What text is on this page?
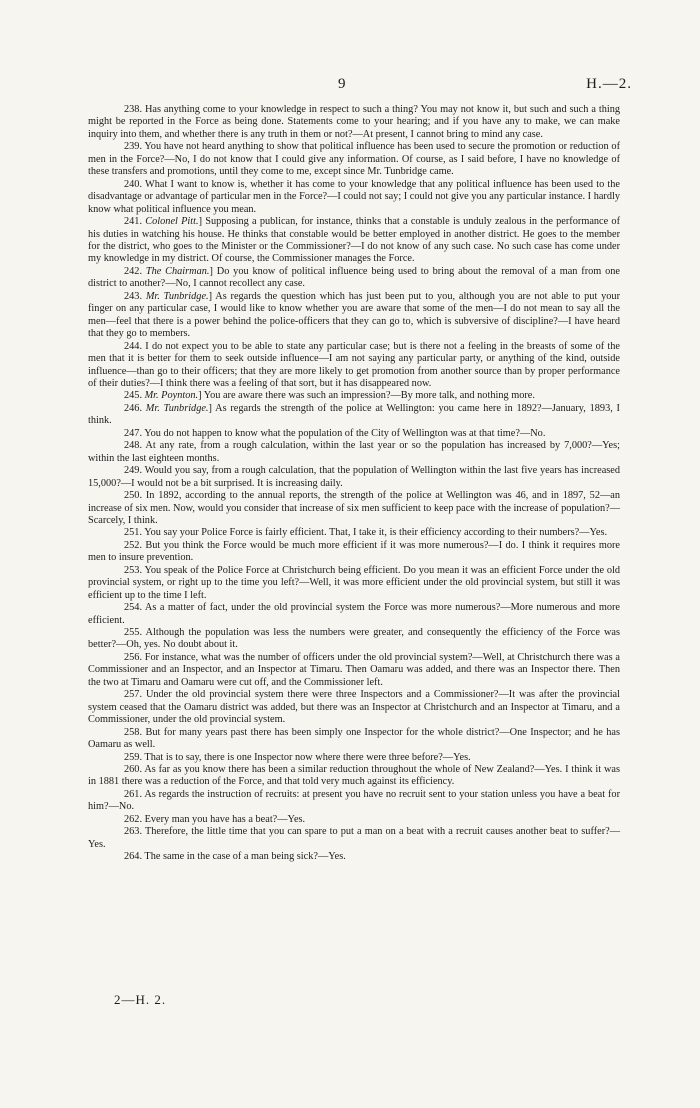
9	H.—2.

238. Has anything come to your knowledge in respect to such a thing? You may not know it, but such and such a thing might be reported in the Force as being done. Statements come to your hearing; and if you have any to make, we can make inquiry into them, and whether there is any truth in them or not?—At present, I cannot bring to mind any case.

239. You have not heard anything to show that political influence has been used to secure the promotion or reduction of men in the Force?—No, I do not know that I could give any information. Of course, as I said before, I have no knowledge of these transfers and promotions, until they come to me, except since Mr. Tunbridge came.

240. What I want to know is, whether it has come to your knowledge that any political influence has been used to the disadvantage or advantage of particular men in the Force?—I could not say; I could not give you any particular instance. I hardly know what political influence you mean.

241. Colonel Pitt.] Supposing a publican, for instance, thinks that a constable is unduly zealous in the performance of his duties in watching his house. He thinks that constable would be better employed in another district. He goes to the member for the district, who goes to the Minister or the Commissioner?—I do not know of any such case. No such case has come under my knowledge in my district. Of course, the Commissioner manages the Force.

242. The Chairman.] Do you know of political influence being used to bring about the removal of a man from one district to another?—No, I cannot recollect any case.

243. Mr. Tunbridge.] As regards the question which has just been put to you, although you are not able to put your finger on any particular case, I would like to know whether you are aware that some of the men—I do not mean to say all the men—feel that there is a power behind the police-officers that they can go to, which is subversive of discipline?—I have heard that they go to members.

244. I do not expect you to be able to state any particular case; but is there not a feeling in the breasts of some of the men that it is better for them to seek outside influence—I am not saying any particular party, or anything of the kind, outside influence—than go to their officers; that they are more likely to get promotion from another source than by proper performance of their duties?—I think there was a feeling of that sort, but it has disappeared now.

245. Mr. Poynton.] You are aware there was such an impression?—By more talk, and nothing more.

246. Mr. Tunbridge.] As regards the strength of the police at Wellington: you came here in 1892?—January, 1893, I think.

247. You do not happen to know what the population of the City of Wellington was at that time?—No.

248. At any rate, from a rough calculation, within the last year or so the population has increased by 7,000?—Yes; within the last eighteen months.

249. Would you say, from a rough calculation, that the population of Wellington within the last five years has increased 15,000?—I would not be a bit surprised. It is increasing daily.

250. In 1892, according to the annual reports, the strength of the police at Wellington was 46, and in 1897, 52—an increase of six men. Now, would you consider that increase of six men sufficient to keep pace with the increase of population?—Scarcely, I think.

251. You say your Police Force is fairly efficient. That, I take it, is their efficiency according to their numbers?—Yes.

252. But you think the Force would be much more efficient if it was more numerous?—I do. I think it requires more men to insure prevention.

253. You speak of the Police Force at Christchurch being efficient. Do you mean it was an efficient Force under the old provincial system, or right up to the time you left?—Well, it was more efficient under the old provincial system, but still it was efficient up to the time I left.

254. As a matter of fact, under the old provincial system the Force was more numerous?—More numerous and more efficient.

255. Although the population was less the numbers were greater, and consequently the efficiency of the Force was better?—Oh, yes. No doubt about it.

256. For instance, what was the number of officers under the old provincial system?—Well, at Christchurch there was a Commissioner and an Inspector, and an Inspector at Timaru. Then Oamaru was added, and there was an Inspector there. Then the two at Timaru and Oamaru were cut off, and the Commissioner left.

257. Under the old provincial system there were three Inspectors and a Commissioner?—It was after the provincial system ceased that the Oamaru district was added, but there was an Inspector at Christchurch and an Inspector at Timaru, and a Commissioner, under the old provincial system.

258. But for many years past there has been simply one Inspector for the whole district?—One Inspector; and he has Oamaru as well.

259. That is to say, there is one Inspector now where there were three before?—Yes.

260. As far as you know there has been a similar reduction throughout the whole of New Zealand?—Yes. I think it was in 1881 there was a reduction of the Force, and that told very much against its efficiency.

261. As regards the instruction of recruits: at present you have no recruit sent to your station unless you have a beat for him?—No.

262. Every man you have has a beat?—Yes.

263. Therefore, the little time that you can spare to put a man on a beat with a recruit causes another beat to suffer?—Yes.

264. The same in the case of a man being sick?—Yes.

2—H. 2.
